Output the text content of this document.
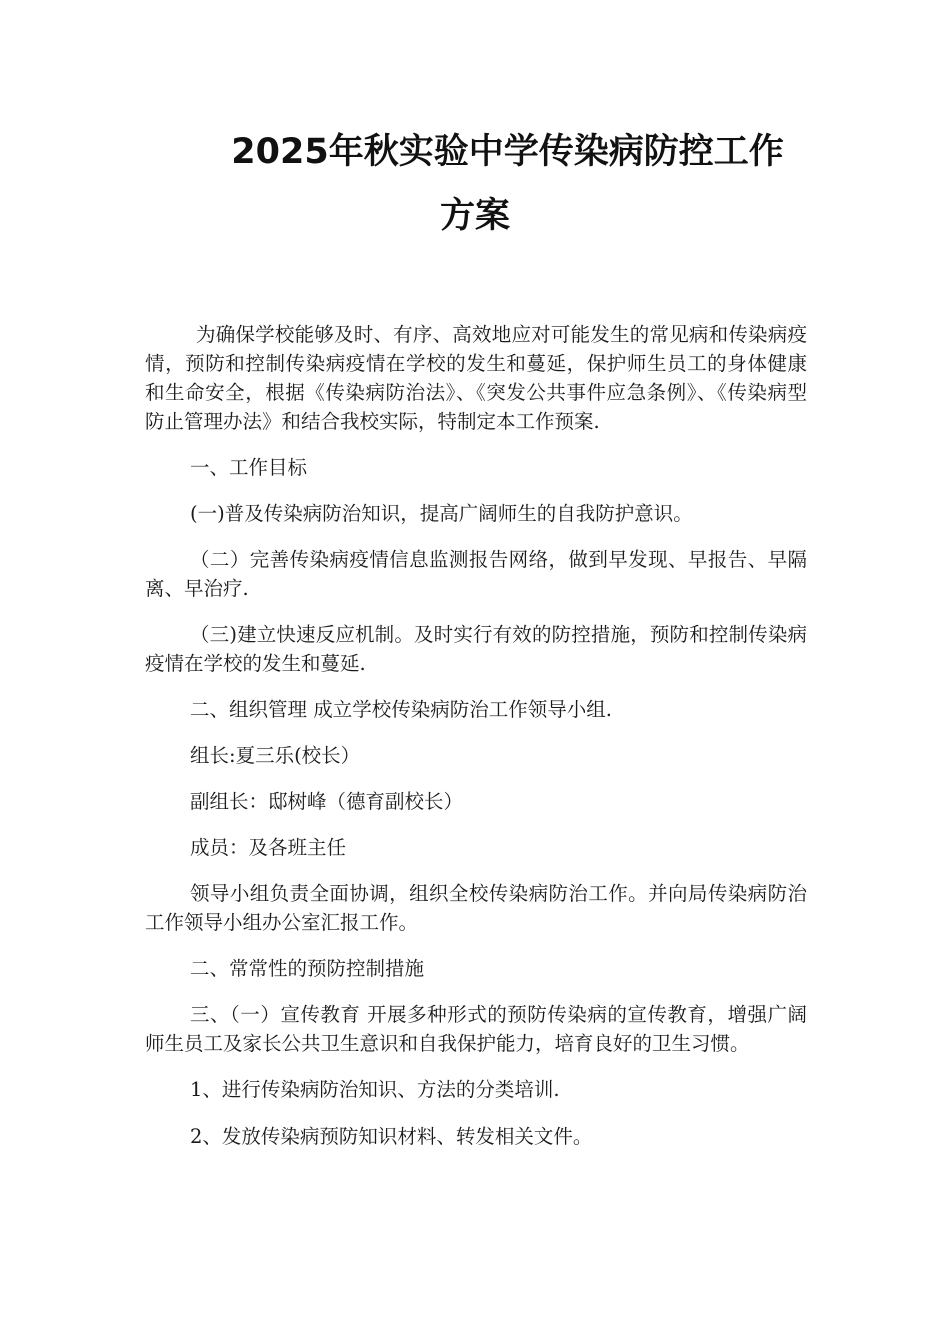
2025年秋实验中学传染病防控工作
方案

为确保学校能够及时、有序、高效地应对可能发生的常见病和传染病疫情，预防和控制传染病疫情在学校的发生和蔓延，保护师生员工的身体健康和生命安全，根据《传染病防治法》、《突发公共事件应急条例》、《传染病型防止管理办法》和结合我校实际，特制定本工作预案.

一、工作目标

(一)普及传染病防治知识，提高广阔师生的自我防护意识。

（二）完善传染病疫情信息监测报告网络，做到早发现、早报告、早隔离、早治疗.

（三)建立快速反应机制。及时实行有效的防控措施，预防和控制传染病疫情在学校的发生和蔓延.

二、组织管理 成立学校传染病防治工作领导小组.

组长:夏三乐(校长）

副组长：邸树峰（德育副校长）

成员：及各班主任

领导小组负责全面协调，组织全校传染病防治工作。并向局传染病防治工作领导小组办公室汇报工作。

二、常常性的预防控制措施

三、（一）宣传教育 开展多种形式的预防传染病的宣传教育，增强广阔师生员工及家长公共卫生意识和自我保护能力，培育良好的卫生习惯。

1、进行传染病防治知识、方法的分类培训.

2、发放传染病预防知识材料、转发相关文件。
